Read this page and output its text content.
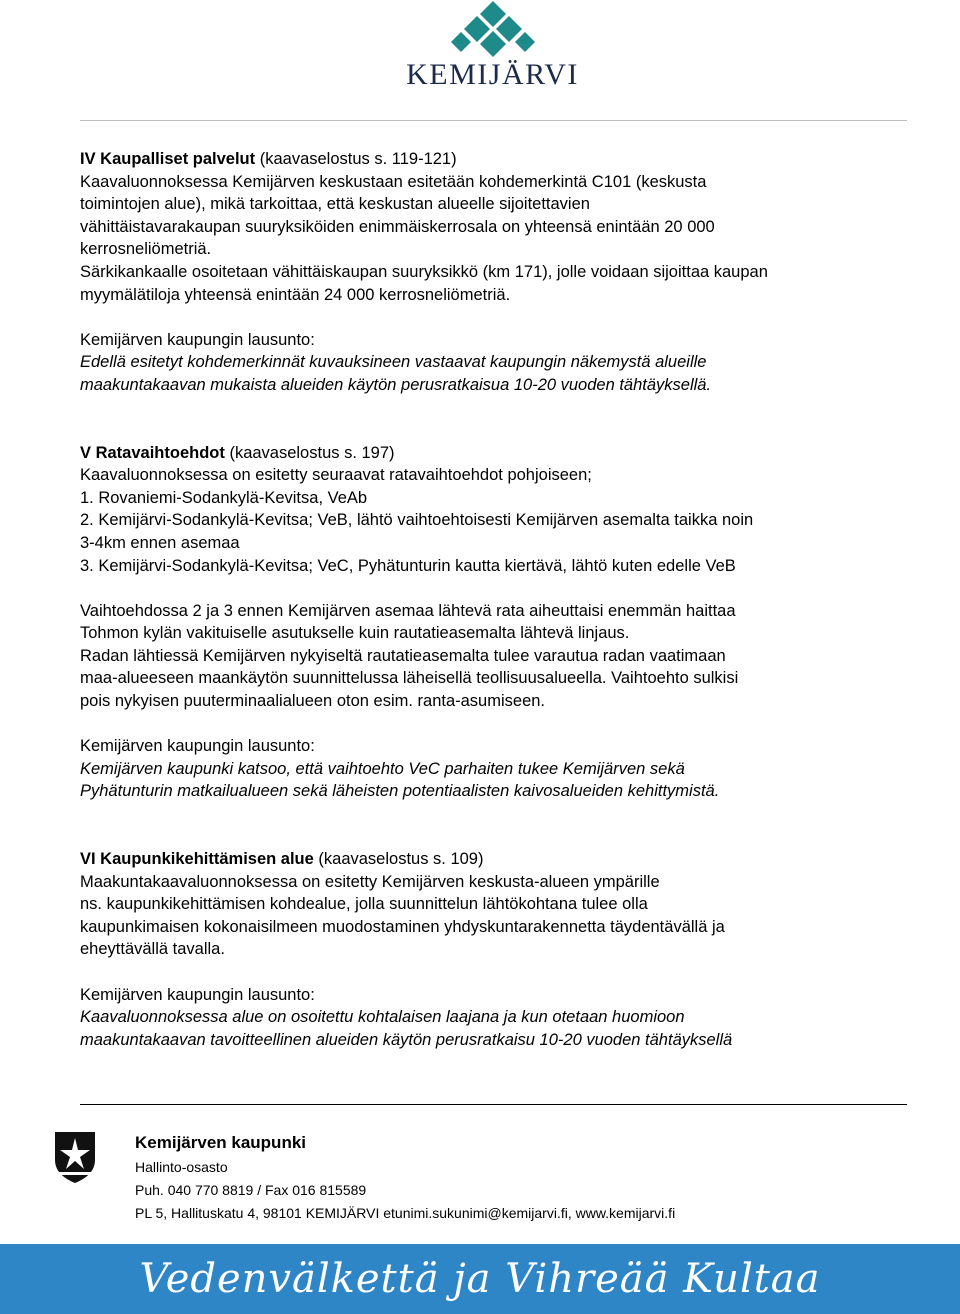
KEMIJÄRVI

IV Kaupalliset palvelut (kaavaselostus s. 119-121)

Kaavaluonnoksessa Kemijärven keskustaan esitetään kohdemerkintä C101 (keskusta

toimintojen alue), mikä tarkoittaa, että keskustan alueelle sijoitettavien

vähittäistavarakaupan suuryksiköiden enimmäiskerrosala on yhteensä enintään 20 000

kerrosneliömetriä.

Särkikankaalle osoitetaan vähittäiskaupan suuryksikkö (km 171), jolle voidaan sijoittaa kaupan

myymälätiloja yhteensä enintään 24 000 kerrosneliömetriä.

Kemijärven kaupungin lausunto:

Edellä esitetyt kohdemerkinnät kuvauksineen vastaavat kaupungin näkemystä alueille

maakuntakaavan mukaista alueiden käytön perusratkaisua 10-20 vuoden tähtäyksellä.

V Ratavaihtoehdot (kaavaselostus s. 197)

Kaavaluonnoksessa on esitetty seuraavat ratavaihtoehdot pohjoiseen;

1. Rovaniemi-Sodankylä-Kevitsa, VeAb

2. Kemijärvi-Sodankylä-Kevitsa; VeB, lähtö vaihtoehtoisesti Kemijärven asemalta taikka noin

3-4km ennen asemaa

3. Kemijärvi-Sodankylä-Kevitsa; VeC, Pyhätunturin kautta kiertävä, lähtö kuten edelle VeB

Vaihtoehdossa 2 ja 3 ennen Kemijärven asemaa lähtevä rata aiheuttaisi enemmän haittaa

Tohmon kylän vakituiselle asutukselle kuin rautatieasemalta lähtevä linjaus.

Radan lähtiessä Kemijärven nykyiseltä rautatieasemalta tulee varautua radan vaatimaan

maa-alueeseen maankäytön suunnittelussa läheisellä teollisuusalueella. Vaihtoehto sulkisi

pois nykyisen puuterminaalialueen oton esim. ranta-asumiseen.

Kemijärven kaupungin lausunto:

Kemijärven kaupunki katsoo, että vaihtoehto VeC parhaiten tukee Kemijärven sekä

Pyhätunturin matkailualueen sekä läheisten potentiaalisten kaivosalueiden kehittymistä.

VI Kaupunkikehittämisen alue (kaavaselostus s. 109)

Maakuntakaavaluonnoksessa on esitetty Kemijärven keskusta-alueen ympärille

ns. kaupunkikehittämisen kohdealue, jolla suunnittelun lähtökohtana tulee olla

kaupunkimaisen kokonaisilmeen muodostaminen yhdyskuntarakennetta täydentävällä ja

eheyttävällä tavalla.

Kemijärven kaupungin lausunto:

Kaavaluonnoksessa alue on osoitettu kohtalaisen laajana ja kun otetaan huomioon

maakuntakaavan tavoitteellinen alueiden käytön perusratkaisu 10-20 vuoden tähtäyksellä

Kemijärven kaupunki
Hallinto-osasto
Puh. 040 770 8819 / Fax 016 815589
PL 5, Hallituskatu 4, 98101 KEMIJÄRVI etunimi.sukunimi@kemijarvi.fi, www.kemijarvi.fi
Vedenvälkettä ja Vihreää Kultaa
